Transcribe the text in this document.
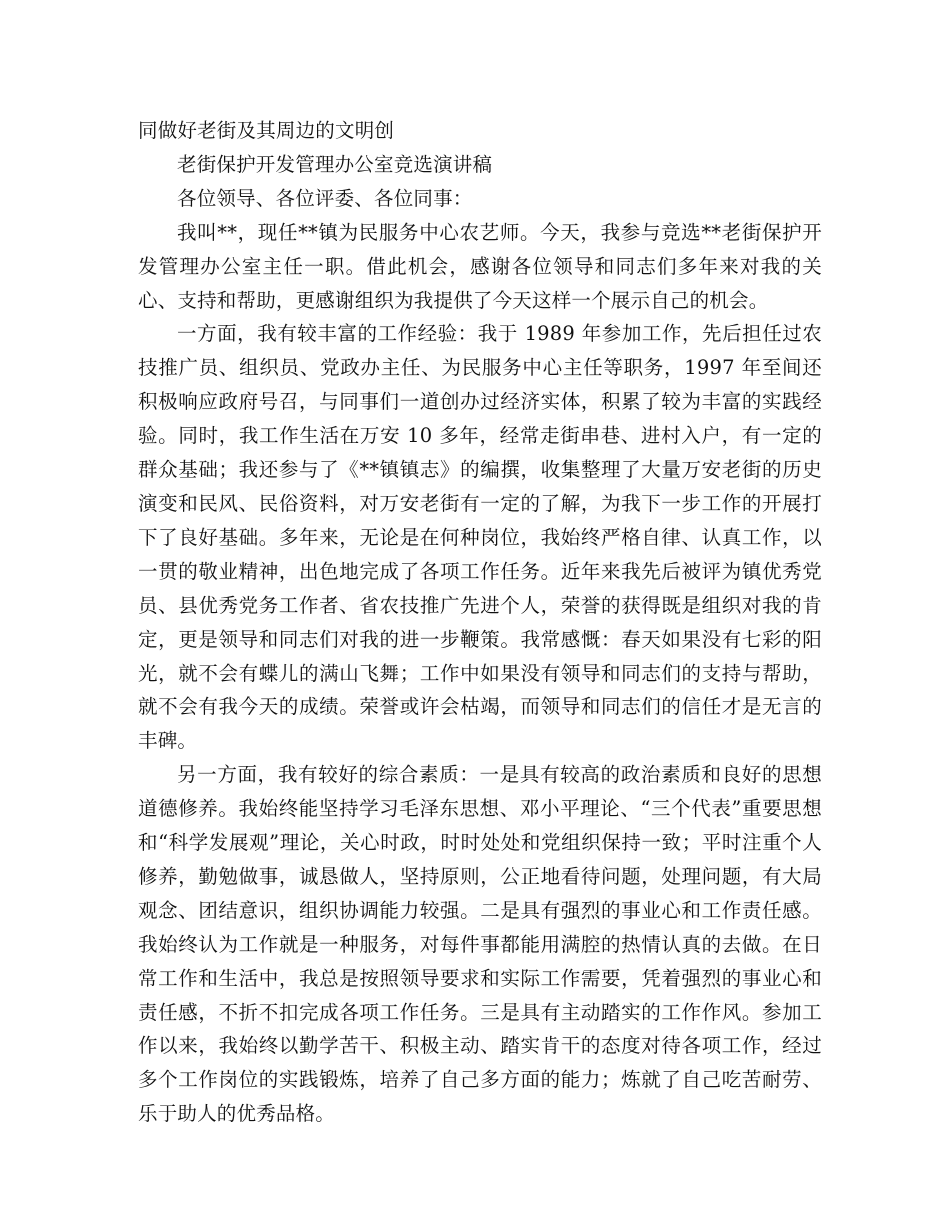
同做好老街及其周边的文明创

老街保护开发管理办公室竞选演讲稿

各位领导、各位评委、各位同事：

我叫**，现任**镇为民服务中心农艺师。今天，我参与竞选**老街保护开发管理办公室主任一职。借此机会，感谢各位领导和同志们多年来对我的关心、支持和帮助，更感谢组织为我提供了今天这样一个展示自己的机会。

一方面，我有较丰富的工作经验：我于 1989 年参加工作，先后担任过农技推广员、组织员、党政办主任、为民服务中心主任等职务，1997 年至间还积极响应政府号召，与同事们一道创办过经济实体，积累了较为丰富的实践经验。同时，我工作生活在万安 10 多年，经常走街串巷、进村入户，有一定的群众基础；我还参与了《**镇镇志》的编撰，收集整理了大量万安老街的历史演变和民风、民俗资料，对万安老街有一定的了解，为我下一步工作的开展打下了良好基础。多年来，无论是在何种岗位，我始终严格自律、认真工作，以一贯的敬业精神，出色地完成了各项工作任务。近年来我先后被评为镇优秀党员、县优秀党务工作者、省农技推广先进个人，荣誉的获得既是组织对我的肯定，更是领导和同志们对我的进一步鞭策。我常感慨：春天如果没有七彩的阳光，就不会有蝶儿的满山飞舞；工作中如果没有领导和同志们的支持与帮助，就不会有我今天的成绩。荣誉或许会枯竭，而领导和同志们的信任才是无言的丰碑。

另一方面，我有较好的综合素质：一是具有较高的政治素质和良好的思想道德修养。我始终能坚持学习毛泽东思想、邓小平理论、“三个代表”重要思想和“科学发展观”理论，关心时政，时时处处和党组织保持一致；平时注重个人修养，勤勉做事，诚恳做人，坚持原则，公正地看待问题，处理问题，有大局观念、团结意识，组织协调能力较强。二是具有强烈的事业心和工作责任感。我始终认为工作就是一种服务，对每件事都能用满腔的热情认真的去做。在日常工作和生活中，我总是按照领导要求和实际工作需要，凭着强烈的事业心和责任感，不折不扣完成各项工作任务。三是具有主动踏实的工作作风。参加工作以来，我始终以勤学苦干、积极主动、踏实肯干的态度对待各项工作，经过多个工作岗位的实践锻炼，培养了自己多方面的能力；炼就了自己吃苦耐劳、乐于助人的优秀品格。
